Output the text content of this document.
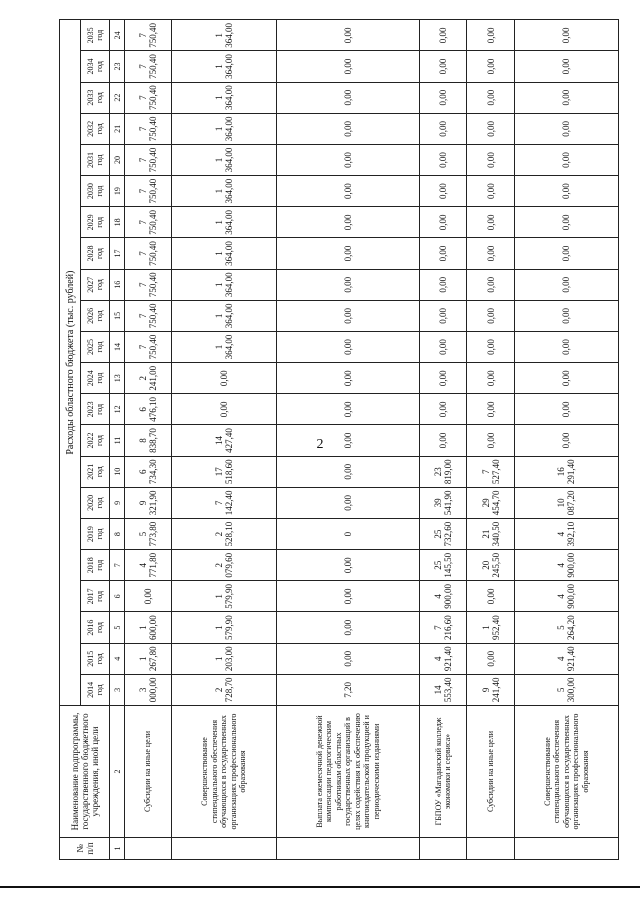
2
№ п/п	Наименование подпрограммы, государственного бюджетного учреждения, иной цели	Расходы областного бюджета (тыс. рублей)																					
		2014 год	2015 год	2016 год	2017 год	2018 год	2019 год	2020 год	2021 год	2022 год	2023 год	2024 год	2025 год	2026 год	2027 год	2028 год	2029 год	2030 год	2031 год	2032 год	2033 год	2034 год	2035 год
1	2	3	4	5	6	7	8	9	10	11	12	13	14	15	16	17	18	19	20	21	22	23	24
	Субсидии на иные цели	3 000,00	1 267,80	1 600,00	0,00	4 771,80	5 773,80	9 321,90	6 734,30	8 838,70	6 476,10	2 241,00	7 750,40	7 750,40	7 750,40	7 750,40	7 750,40	7 750,40	7 750,40	7 750,40	7 750,40	7 750,40	7 750,40
	Совершенствование стипендиального обеспечения обучающихся в государственных организациях профессионального образования	2 728,70	1 203,00	1 579,90	1 579,90	2 079,60	2 528,10	7 142,40	17 518,60	14 427,40	0,00	0,00	1 364,00	1 364,00	1 364,00	1 364,00	1 364,00	1 364,00	1 364,00	1 364,00	1 364,00	1 364,00	1 364,00
	Выплата ежемесячной денежной компенсации педагогическим работникам областных государственных организаций в целях содействия их обеспечению книгоиздательской продукцией и периодическими изданиями	7,20	0,00	0,00	0,00	0,00	0	0,00	0,00	0,00	0,00	0,00	0,00	0,00	0,00	0,00	0,00	0,00	0,00	0,00	0,00	0,00	0,00
	ГБПОУ «Магаданский колледж экономики и сервиса»	14 553,40	4 921,40	7 216,60	4 900,00	25 145,50	25 732,60	39 541,90	23 819,00	0,00	0,00	0,00	0,00	0,00	0,00	0,00	0,00	0,00	0,00	0,00	0,00	0,00	0,00
	Субсидии на иные цели	9 241,40	0,00	1 952,40	0,00	20 245,50	21 340,50	29 454,70	7 527,40	0,00	0,00	0,00	0,00	0,00	0,00	0,00	0,00	0,00	0,00	0,00	0,00	0,00	0,00
	Совершенствование стипендиального обеспечения обучающихся в государственных организациях профессионального образования	5 300,00	4 921,40	5 264,20	4 900,00	4 900,00	4 392,10	10 087,20	16 291,40	0,00	0,00	0,00	0,00	0,00	0,00	0,00	0,00	0,00	0,00	0,00	0,00	0,00	0,00
